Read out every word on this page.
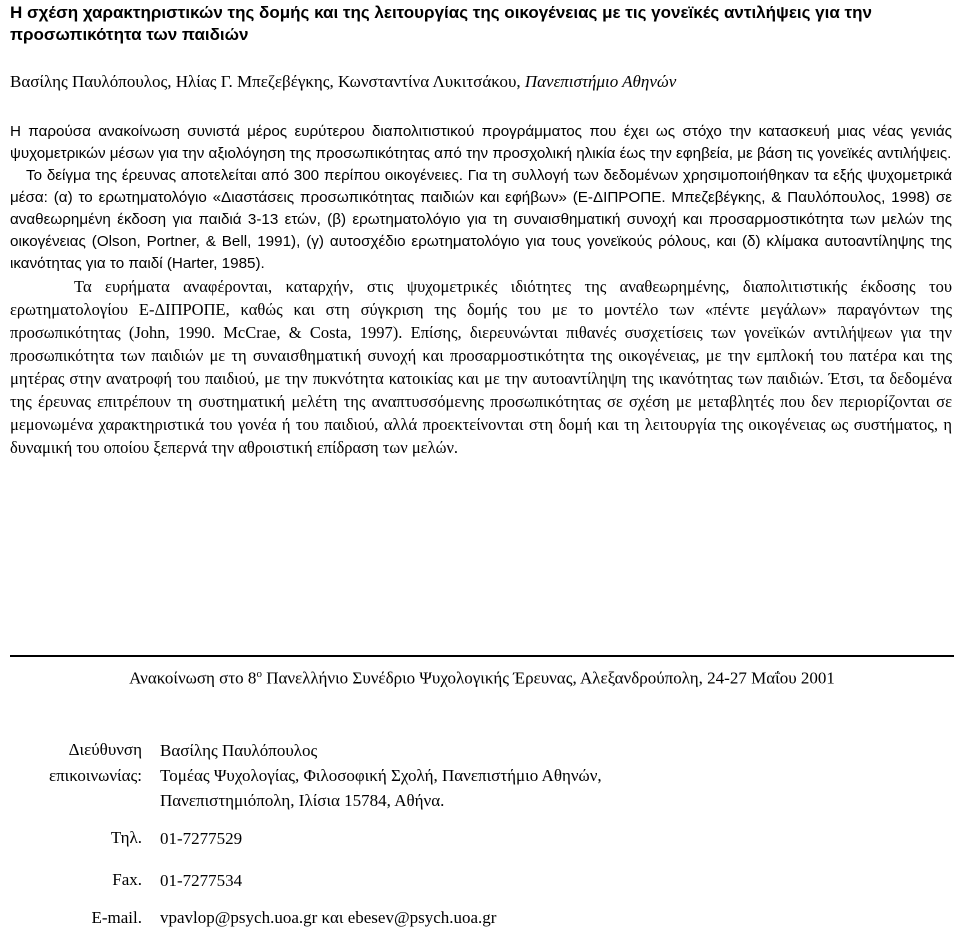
Η σχέση χαρακτηριστικών της δομής και της λειτουργίας της οικογένειας με τις γονεϊκές αντιλήψεις για την προσωπικότητα των παιδιών
Βασίλης Παυλόπουλος, Ηλίας Γ. Μπεζεβέγκης, Κωνσταντίνα Λυκιτσάκου, Πανεπιστήμιο Αθηνών

Η παρούσα ανακοίνωση συνιστά μέρος ευρύτερου διαπολιτιστικού προγράμματος που έχει ως στόχο την κατασκευή μιας νέας γενιάς ψυχομετρικών μέσων για την αξιολόγηση της προσωπικότητας από την προσχολική ηλικία έως την εφηβεία, με βάση τις γονεϊκές αντιλήψεις.

Το δείγμα της έρευνας αποτελείται από 300 περίπου οικογένειες. Για τη συλλογή των δεδομένων χρησιμοποιήθηκαν τα εξής ψυχομετρικά μέσα: (α) το ερωτηματολόγιο «Διαστάσεις προσωπικότητας παιδιών και εφήβων» (Ε-ΔΙΠΡΟΠΕ. Μπεζεβέγκης, & Παυλόπουλος, 1998) σε αναθεωρημένη έκδοση για παιδιά 3-13 ετών, (β) ερωτηματολόγιο για τη συναισθηματική συνοχή και προσαρμοστικότητα των μελών της οικογένειας (Olson, Portner, & Bell, 1991), (γ) αυτοσχέδιο ερωτηματολόγιο για τους γονεϊκούς ρόλους, και (δ) κλίμακα αυτοαντίληψης της ικανότητας για το παιδί (Harter, 1985).

Τα ευρήματα αναφέρονται, καταρχήν, στις ψυχομετρικές ιδιότητες της αναθεωρημένης, διαπολιτιστικής έκδοσης του ερωτηματολογίου Ε-ΔΙΠΡΟΠΕ, καθώς και στη σύγκριση της δομής του με το μοντέλο των «πέντε μεγάλων» παραγόντων της προσωπικότητας (John, 1990. McCrae, & Costa, 1997). Επίσης, διερευνώνται πιθανές συσχετίσεις των γονεϊκών αντιλήψεων για την προσωπικότητα των παιδιών με τη συναισθηματική συνοχή και προσαρμοστικότητα της οικογένειας, με την εμπλοκή του πατέρα και της μητέρας στην ανατροφή του παιδιού, με την πυκνότητα κατοικίας και με την αυτοαντίληψη της ικανότητας των παιδιών. Έτσι, τα δεδομένα της έρευνας επιτρέπουν τη συστηματική μελέτη της αναπτυσσόμενης προσωπικότητας σε σχέση με μεταβλητές που δεν περιορίζονται σε μεμονωμένα χαρακτηριστικά του γονέα ή του παιδιού, αλλά προεκτείνονται στη δομή και τη λειτουργία της οικογένειας ως συστήματος, η δυναμική του οποίου ξεπερνά την αθροιστική επίδραση των μελών.

Ανακοίνωση στο $8^o$ Πανελλήνιο Συνέδριο Ψυχολογικής Έρευνας, Αλεξανδρούπολη, 24-27 Μαΐου 2001
Διεύθυνση
επικοινωνίας:
Βασίλης Παυλόπουλος
Τομέας Ψυχολογίας, Φιλοσοφική Σχολή, Πανεπιστήμιο Αθηνών,
Πανεπιστημιόπολη, Ιλίσια 15784, Αθήνα.
Τηλ. 01-7277529
Fax. 01-7277534
E-mail. vpavlop@psych.uoa.gr και ebesev@psych.uoa.gr
